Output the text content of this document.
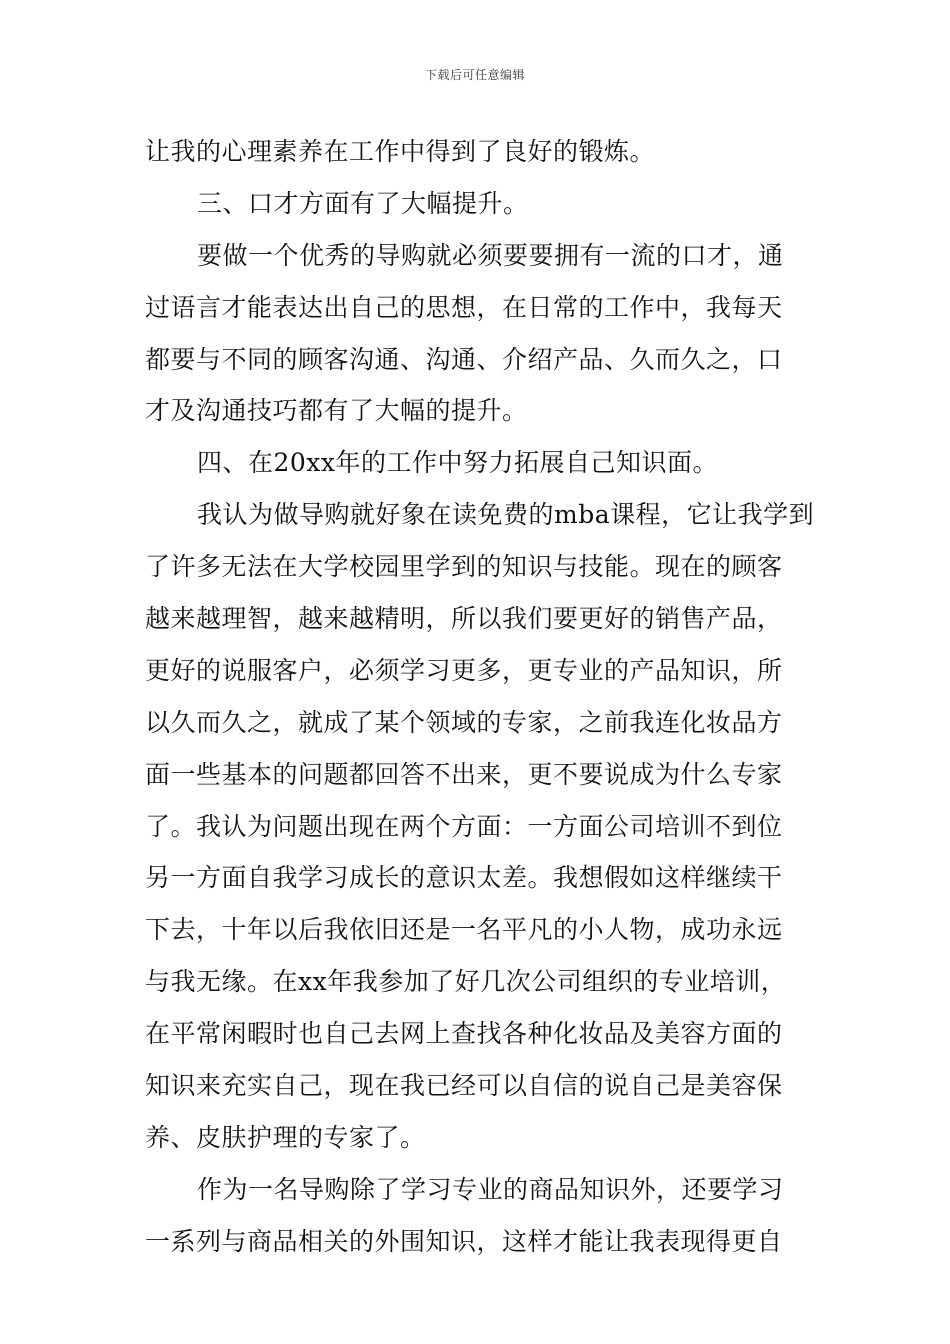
下载后可任意编辑
让我的心理素养在工作中得到了良好的锻炼。
三、口才方面有了大幅提升。
要做一个优秀的导购就必须要要拥有一流的口才，通
过语言才能表达出自己的思想，在日常的工作中，我每天
都要与不同的顾客沟通、沟通、介绍产品、久而久之，口
才及沟通技巧都有了大幅的提升。
四、在20xx年的工作中努力拓展自己知识面。
我认为做导购就好象在读免费的mba课程，它让我学到
了许多无法在大学校园里学到的知识与技能。现在的顾客
越来越理智，越来越精明，所以我们要更好的销售产品，
更好的说服客户，必须学习更多，更专业的产品知识，所
以久而久之，就成了某个领域的专家，之前我连化妆品方
面一些基本的问题都回答不出来，更不要说成为什么专家
了。我认为问题出现在两个方面：一方面公司培训不到位
另一方面自我学习成长的意识太差。我想假如这样继续干
下去，十年以后我依旧还是一名平凡的小人物，成功永远
与我无缘。在xx年我参加了好几次公司组织的专业培训，
在平常闲暇时也自己去网上查找各种化妆品及美容方面的
知识来充实自己，现在我已经可以自信的说自己是美容保
养、皮肤护理的专家了。
作为一名导购除了学习专业的商品知识外，还要学习
一系列与商品相关的外围知识，这样才能让我表现得更自
